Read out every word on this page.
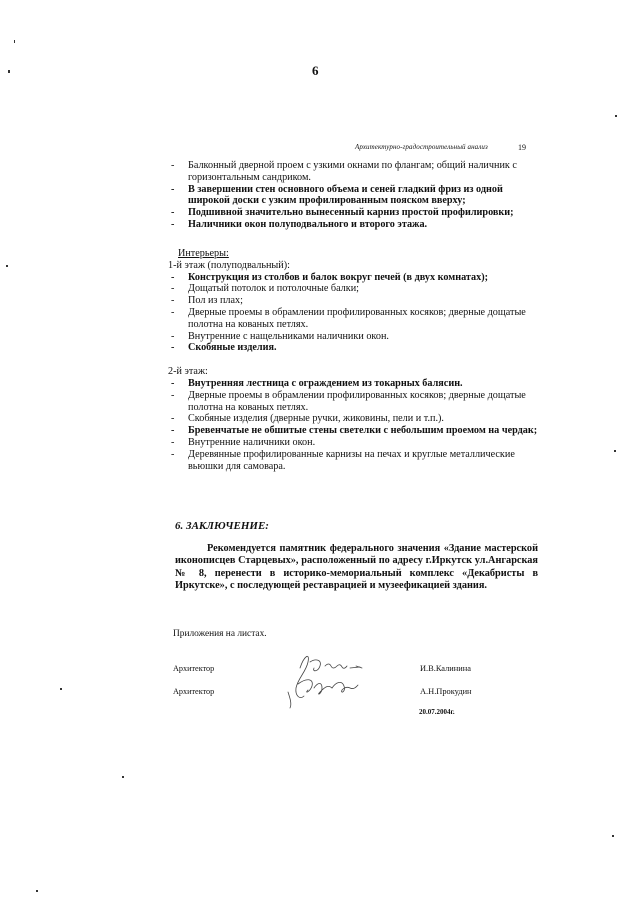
6
Архитектурно-градостроительный анализ	19
- Балконный дверной проем с узкими окнами по флангам; общий наличник с горизонтальным сандриком.
- В завершении стен основного объема и сеней гладкий фриз из одной широкой доски с узким профилированным пояском вверху;
- Подшивной значительно вынесенный карниз простой профилировки;
- Наличники окон полуподвального и второго этажа.
Интерьеры:
1-й этаж (полуподвальный):
- Конструкция из столбов и балок вокруг печей (в двух комнатах);
- Дощатый потолок и потолочные балки;
- Пол из плах;
- Дверные проемы в обрамлении профилированных косяков; дверные дощатые полотна на кованых петлях.
- Внутренние с нащельниками наличники окон.
- Скобяные изделия.
2-й этаж:
- Внутренняя лестница с ограждением из токарных балясин.
- Дверные проемы в обрамлении профилированных косяков; дверные дощатые полотна на кованых петлях.
- Скобяные изделия (дверные ручки, жиковины, пели и т.п.).
- Бревенчатые не обшитые стены светелки с небольшим проемом на чердак;
- Внутренние наличники окон.
- Деревянные профилированные карнизы на печах и круглые металлические вьюшки для самовара.
6. ЗАКЛЮЧЕНИЕ:
Рекомендуется памятник федерального значения «Здание мастерской иконописцев Старцевых», расположенный по адресу г.Иркутск ул.Ангарская № 8, перенести в историко-мемориальный комплекс «Декабристы в Иркутске», с последующей реставрацией и музеефикацией здания.
Приложения на листах.
Архитектор	И.В.Калинина
Архитектор	А.Н.Прокудин
20.07.2004г.
